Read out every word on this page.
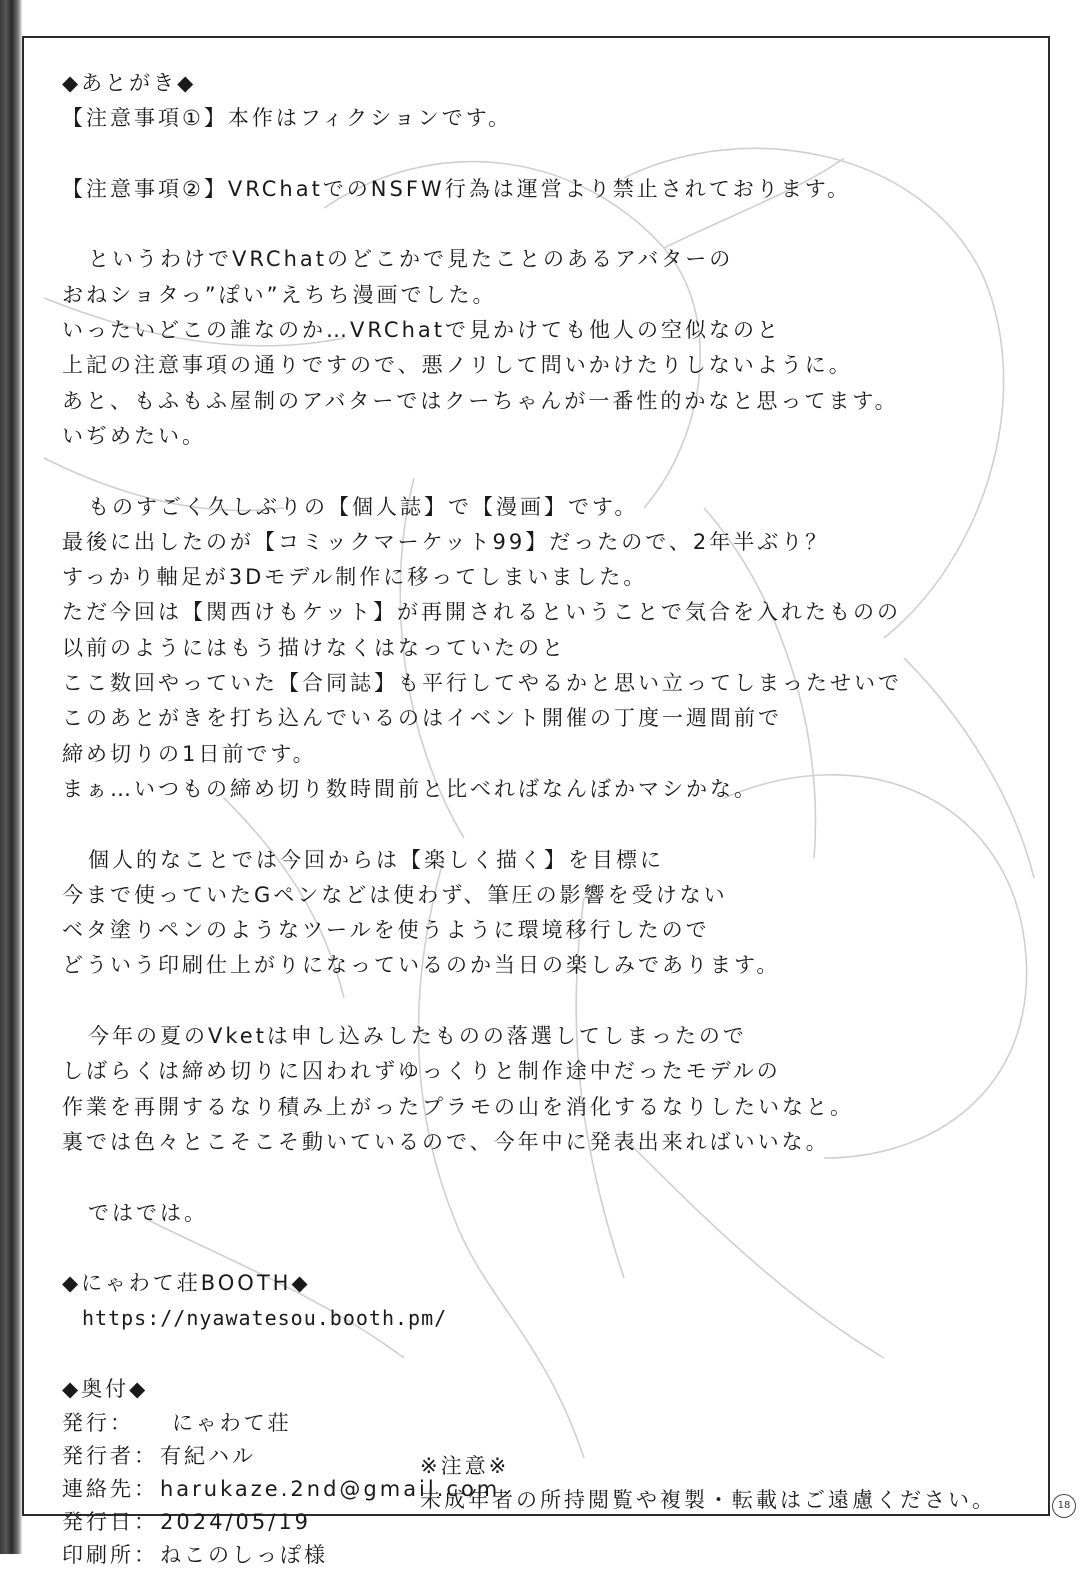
◆あとがき◆
【注意事項①】本作はフィクションです。
【注意事項②】VRChatでのNSFW行為は運営より禁止されております。
というわけでVRChatのどこかで見たことのあるアバターの
おねショタっ”ぽい”えちち漫画でした。
いったいどこの誰なのか…VRChatで見かけても他人の空似なのと
上記の注意事項の通りですので、悪ノリして問いかけたりしないように。
あと、もふもふ屋制のアバターではクーちゃんが一番性的かなと思ってます。
いぢめたい。
ものすごく久しぶりの【個人誌】で【漫画】です。
最後に出したのが【コミックマーケット99】だったので、2年半ぶり？
すっかり軸足が3Dモデル制作に移ってしまいました。
ただ今回は【関西けもケット】が再開されるということで気合を入れたものの
以前のようにはもう描けなくはなっていたのと
ここ数回やっていた【合同誌】も平行してやるかと思い立ってしまったせいで
このあとがきを打ち込んでいるのはイベント開催の丁度一週間前で
締め切りの1日前です。
まぁ…いつもの締め切り数時間前と比べればなんぼかマシかな。
個人的なことでは今回からは【楽しく描く】を目標に
今まで使っていたGペンなどは使わず、筆圧の影響を受けない
ベタ塗りペンのようなツールを使うように環境移行したので
どういう印刷仕上がりになっているのか当日の楽しみであります。
今年の夏のVketは申し込みしたものの落選してしまったので
しばらくは締め切りに囚われずゆっくりと制作途中だったモデルの
作業を再開するなり積み上がったプラモの山を消化するなりしたいなと。
裏では色々とこそこそ動いているので、今年中に発表出来ればいいな。
ではでは。
◆にゃわて荘BOOTH◆
https://nyawatesou.booth.pm/
◆奥付◆
発行：	にゃわて荘
発行者： 有紀ハル
連絡先： harukaze.2nd@gmail.com
発行日： 2024/05/19
印刷所： ねこのしっぽ様
※注意※
未成年者の所持閲覧や複製・転載はご遠慮ください。	18
